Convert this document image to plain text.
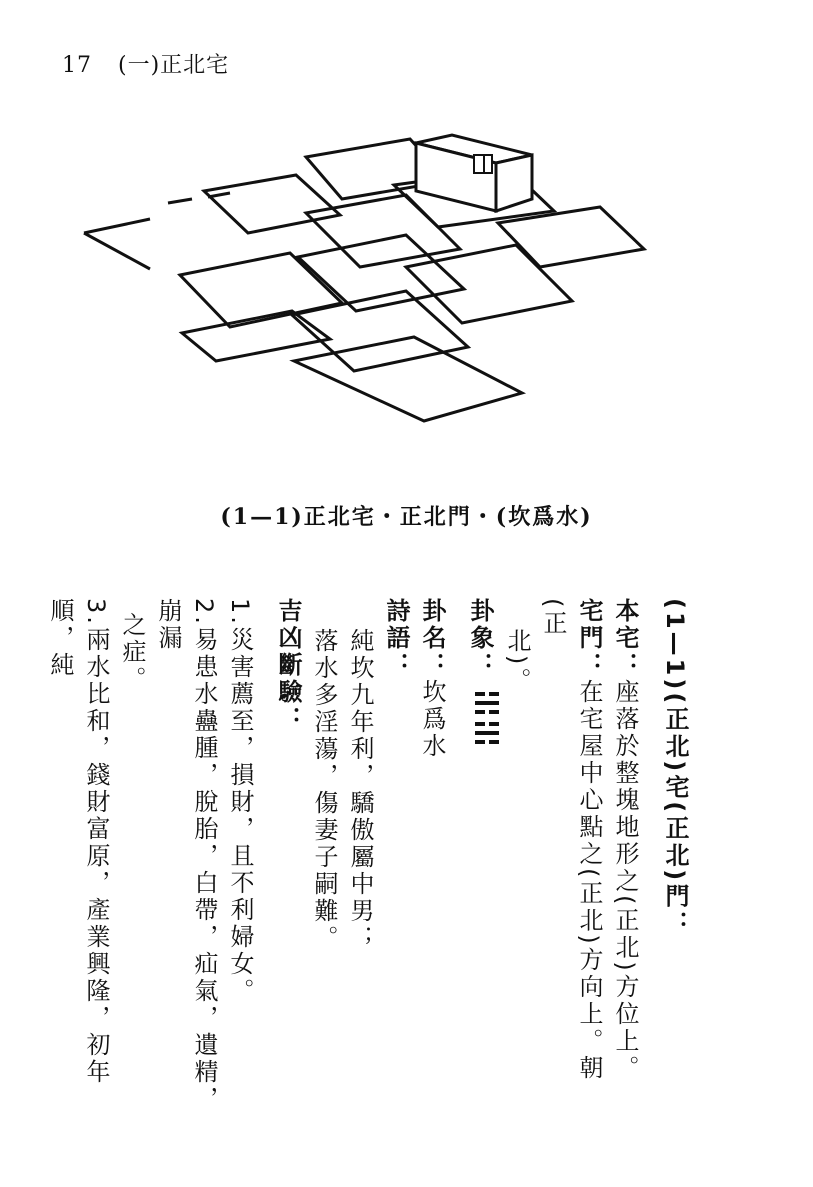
17 (一)正北宅
(1—1)正北宅・正北門・(坎爲水)
(1—1)(正北)宅(正北)門：
本宅：座落於整塊地形之(正北)方位上。
宅門：在宅屋中心點之(正北)方向上。朝(正
北)。
卦象：
卦名：坎爲水
詩語：
純坎九年利，驕傲屬中男；
落水多淫蕩，傷妻子嗣難。
吉凶斷驗：
1.災害薦至，損財，且不利婦女。
2.易患水蠱腫，脫胎，白帶，疝氣，遺精，崩漏
之症。
3.兩水比和，錢財富原，產業興隆，初年順，純
